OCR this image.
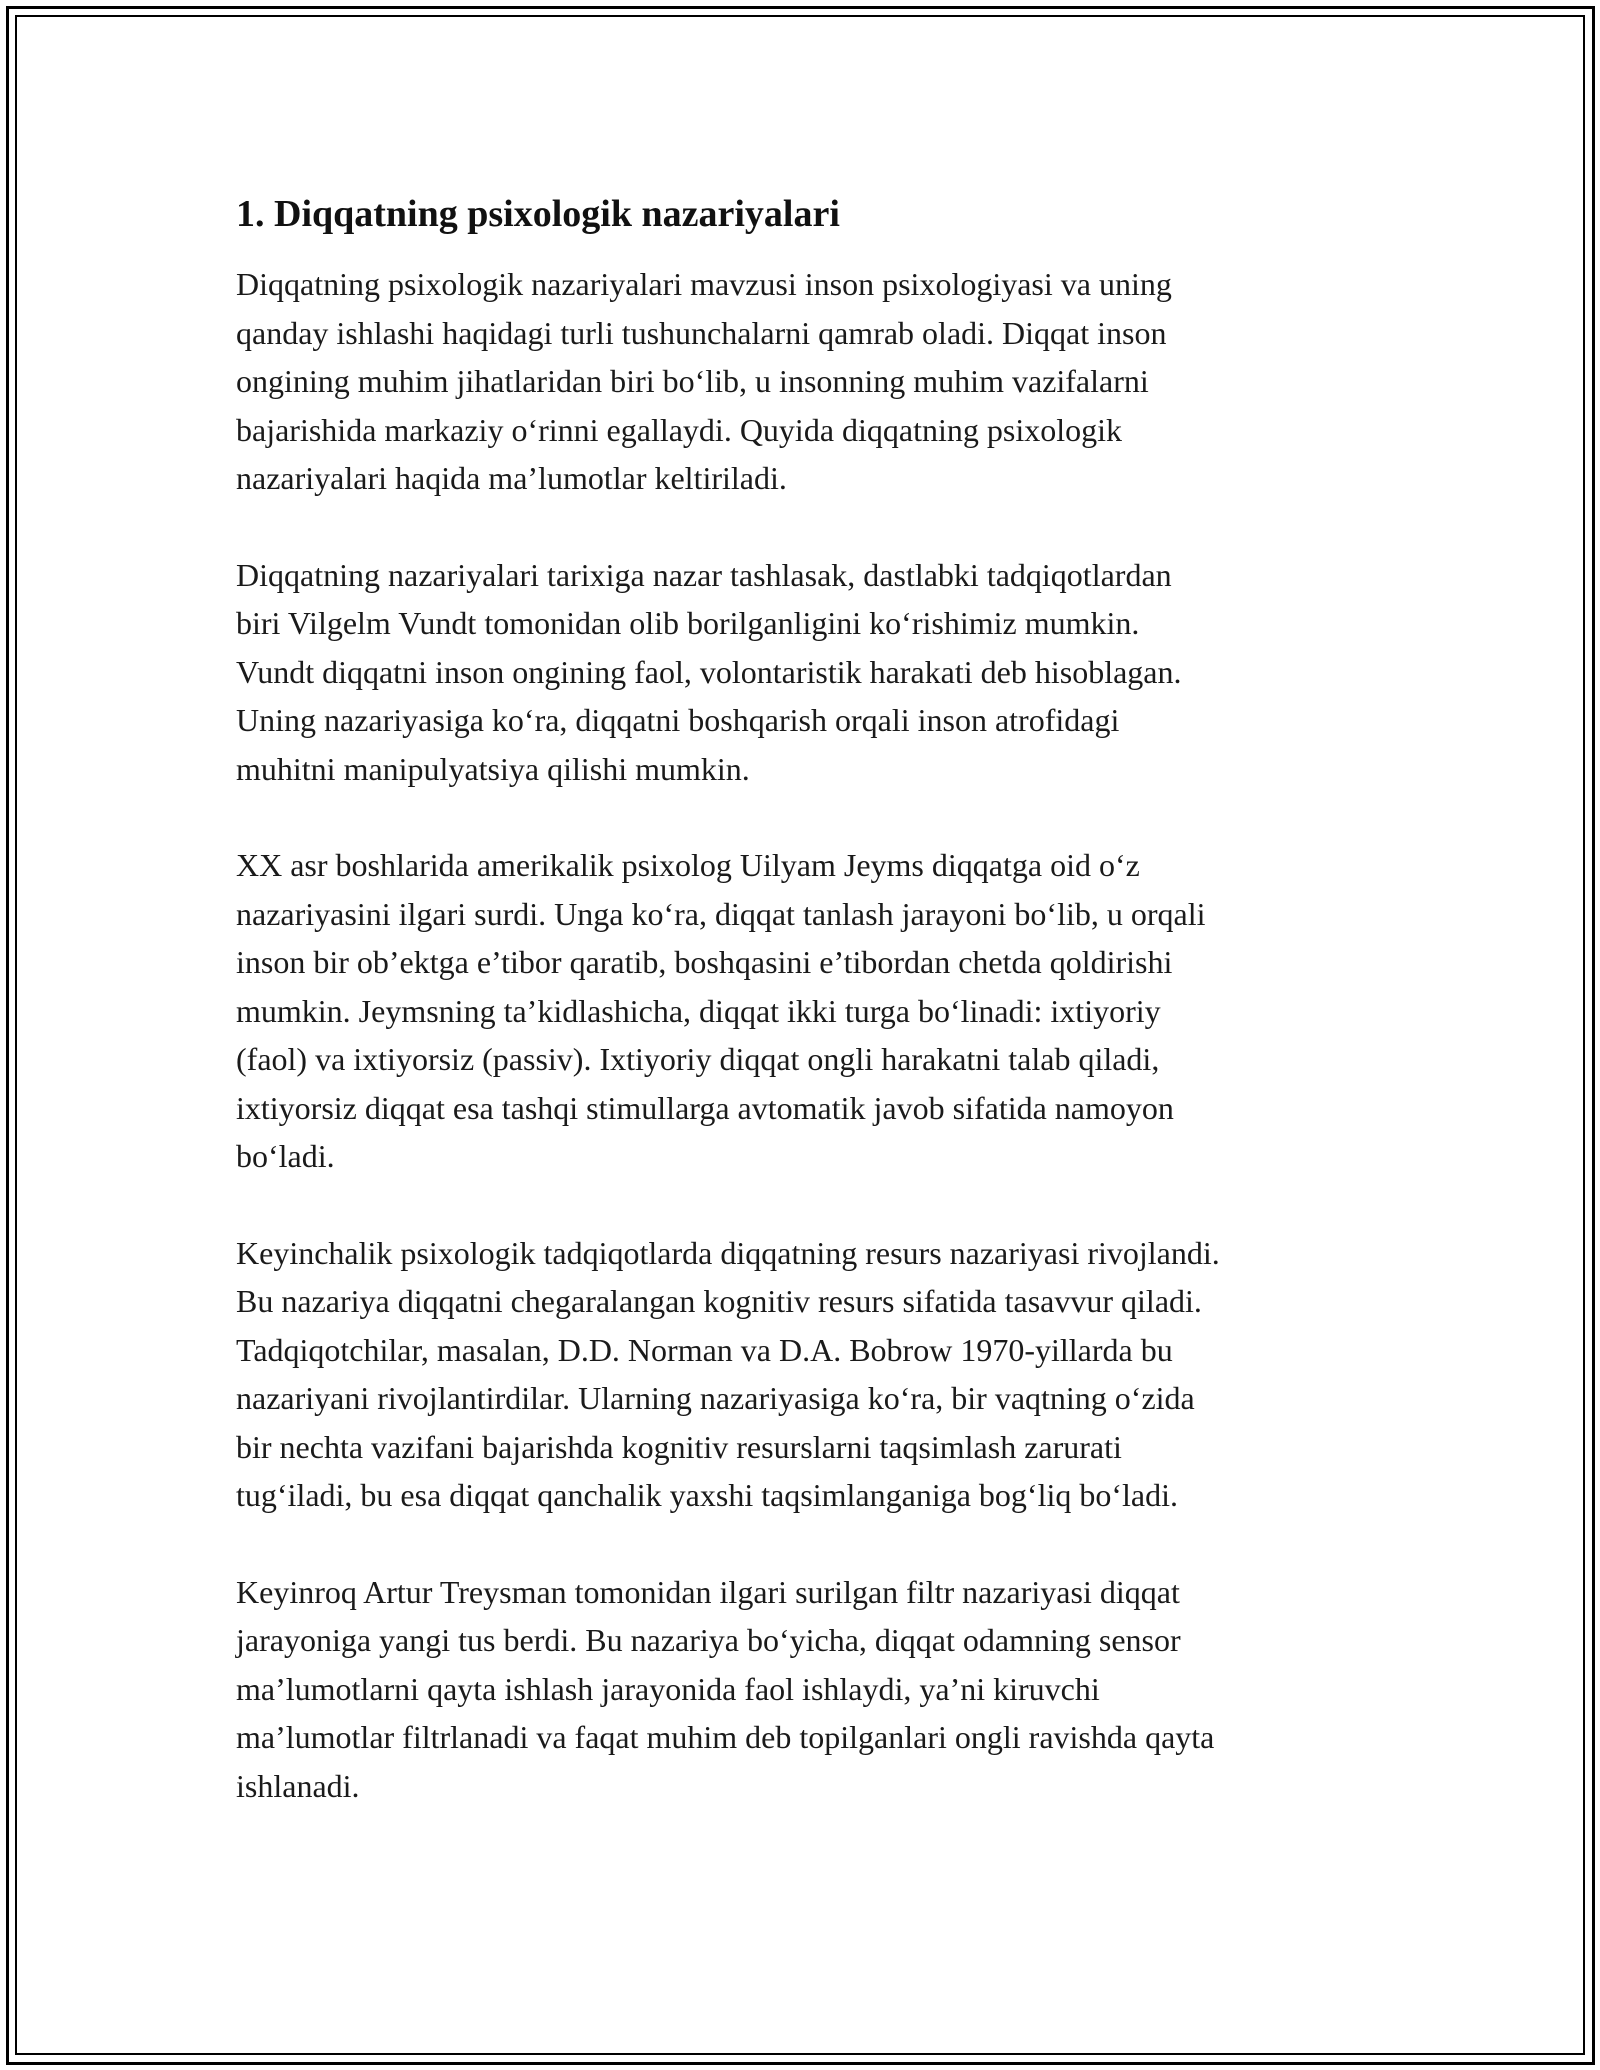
1. Diqqatning psixologik nazariyalari

Diqqatning psixologik nazariyalari mavzusi inson psixologiyasi va uning
qanday ishlashi haqidagi turli tushunchalarni qamrab oladi. Diqqat inson
ongining muhim jihatlaridan biri bo‘lib, u insonning muhim vazifalarni
bajarishida markaziy o‘rinni egallaydi. Quyida diqqatning psixologik
nazariyalari haqida ma’lumotlar keltiriladi.

Diqqatning nazariyalari tarixiga nazar tashlasak, dastlabki tadqiqotlardan
biri Vilgelm Vundt tomonidan olib borilganligini ko‘rishimiz mumkin.
Vundt diqqatni inson ongining faol, volontaristik harakati deb hisoblagan.
Uning nazariyasiga ko‘ra, diqqatni boshqarish orqali inson atrofidagi
muhitni manipulyatsiya qilishi mumkin.

XX asr boshlarida amerikalik psixolog Uilyam Jeyms diqqatga oid o‘z
nazariyasini ilgari surdi. Unga ko‘ra, diqqat tanlash jarayoni bo‘lib, u orqali
inson bir ob’ektga e’tibor qaratib, boshqasini e’tibordan chetda qoldirishi
mumkin. Jeymsning ta’kidlashicha, diqqat ikki turga bo‘linadi: ixtiyoriy
(faol) va ixtiyorsiz (passiv). Ixtiyoriy diqqat ongli harakatni talab qiladi,
ixtiyorsiz diqqat esa tashqi stimullarga avtomatik javob sifatida namoyon
bo‘ladi.

Keyinchalik psixologik tadqiqotlarda diqqatning resurs nazariyasi rivojlandi.
Bu nazariya diqqatni chegaralangan kognitiv resurs sifatida tasavvur qiladi.
Tadqiqotchilar, masalan, D.D. Norman va D.A. Bobrow 1970-yillarda bu
nazariyani rivojlantirdilar. Ularning nazariyasiga ko‘ra, bir vaqtning o‘zida
bir nechta vazifani bajarishda kognitiv resurslarni taqsimlash zarurati
tug‘iladi, bu esa diqqat qanchalik yaxshi taqsimlanganiga bog‘liq bo‘ladi.

Keyinroq Artur Treysman tomonidan ilgari surilgan filtr nazariyasi diqqat
jarayoniga yangi tus berdi. Bu nazariya bo‘yicha, diqqat odamning sensor
ma’lumotlarni qayta ishlash jarayonida faol ishlaydi, ya’ni kiruvchi
ma’lumotlar filtrlanadi va faqat muhim deb topilganlari ongli ravishda qayta
ishlanadi.
